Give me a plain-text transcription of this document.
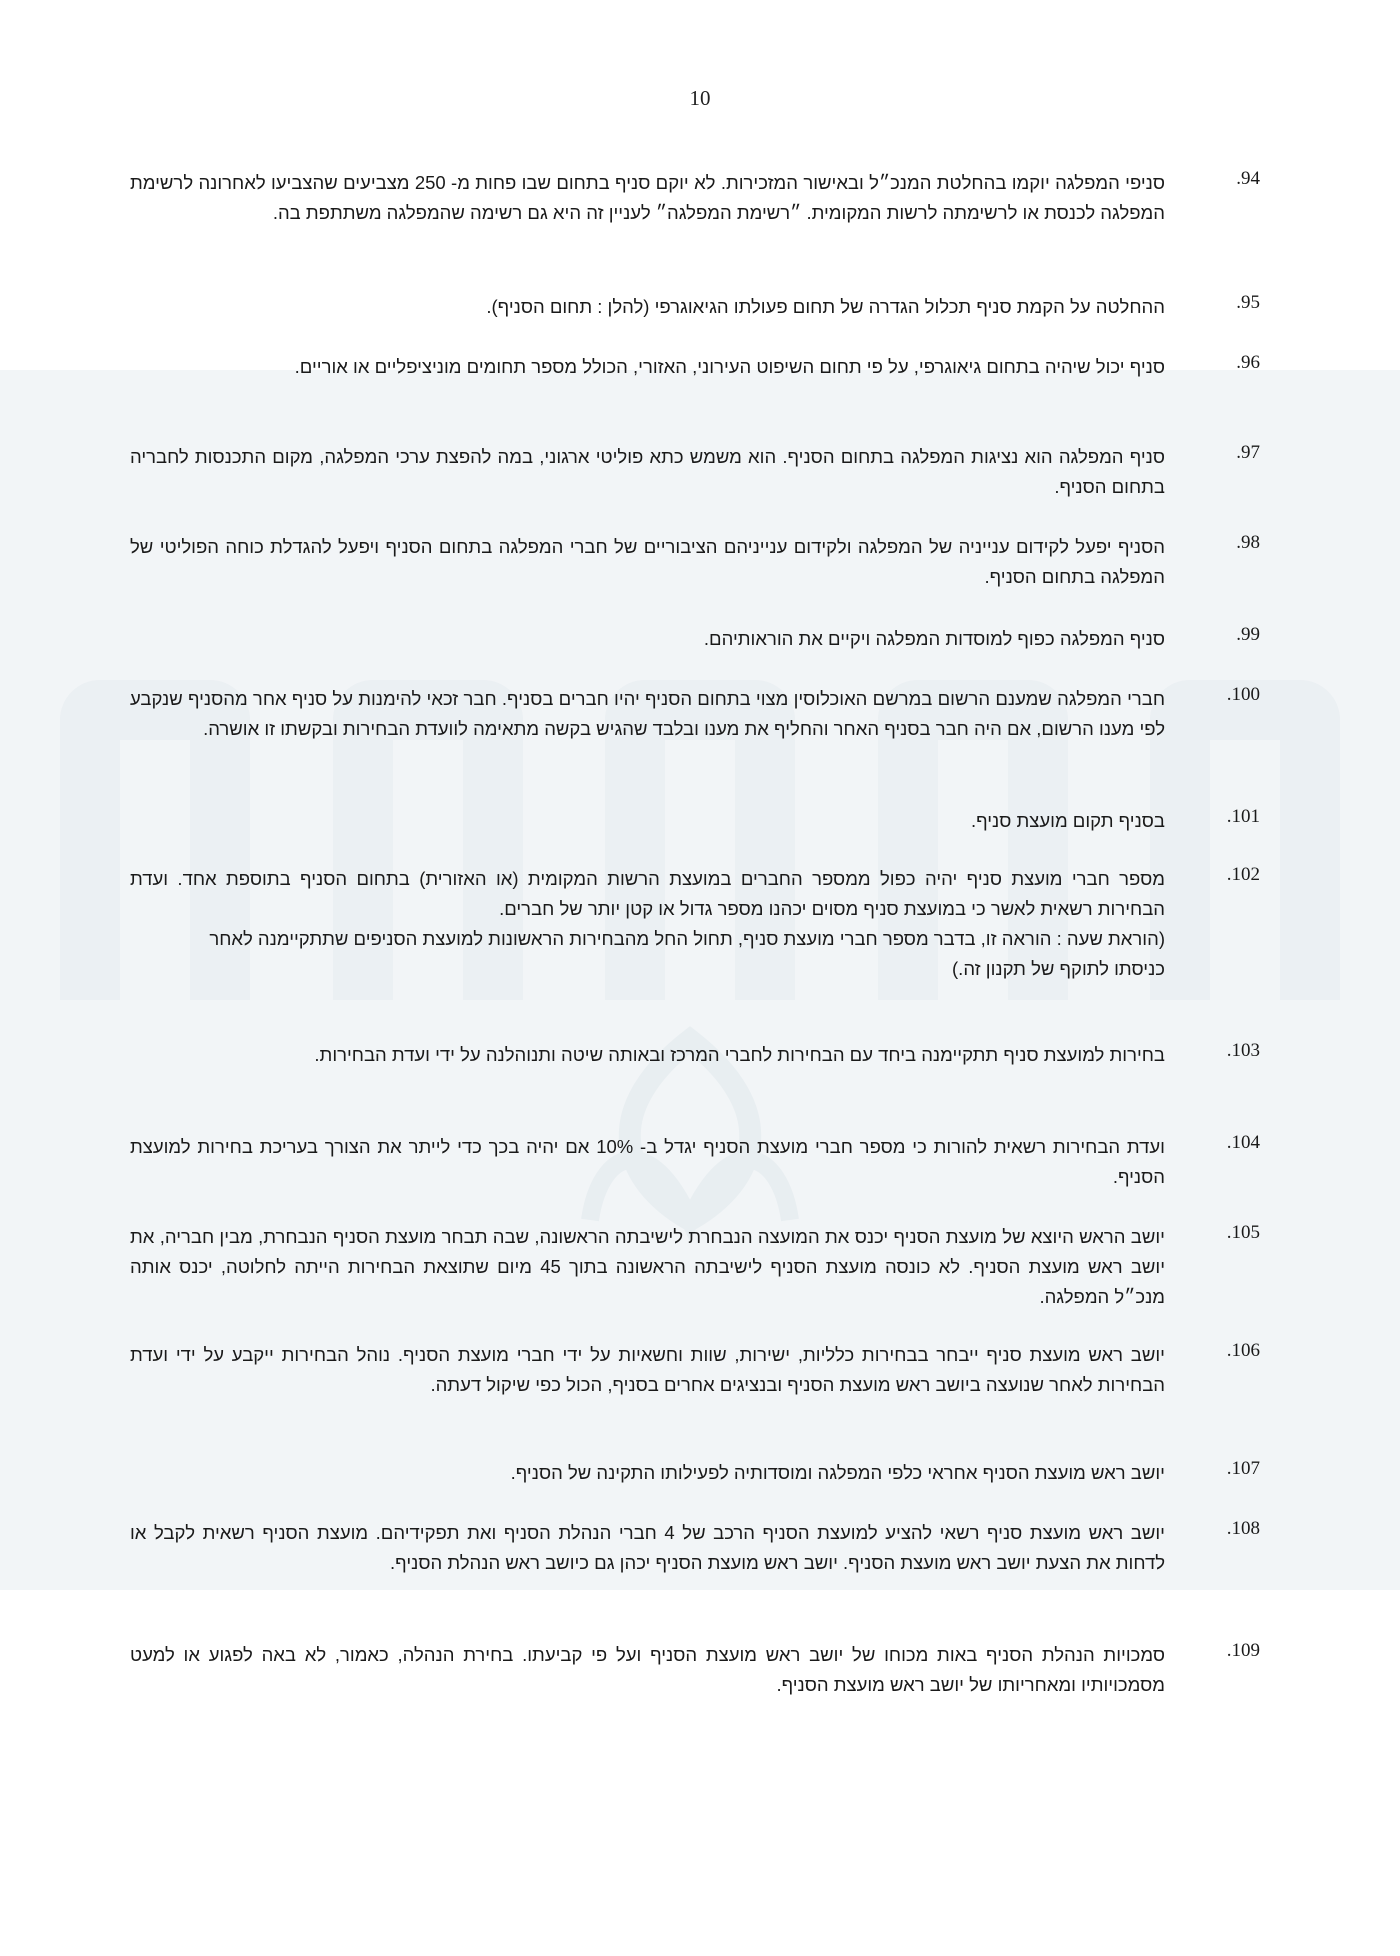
10
.94
סניפי המפלגה יוקמו בהחלטת המנכ״ל ובאישור המזכירות. לא יוקם סניף בתחום שבו פחות מ- 250 מצביעים שהצביעו לאחרונה לרשימת המפלגה לכנסת או לרשימתה לרשות המקומית. ״רשימת המפלגה״ לעניין זה היא גם רשימה שהמפלגה משתתפת בה.
.95
ההחלטה על הקמת סניף תכלול הגדרה של תחום פעולתו הגיאוגרפי (להלן : תחום הסניף).
.96
סניף יכול שיהיה בתחום גיאוגרפי, על פי תחום השיפוט העירוני, האזורי, הכולל מספר תחומים מוניציפליים או אוריים.
.97
סניף המפלגה הוא נציגות המפלגה בתחום הסניף. הוא משמש כתא פוליטי ארגוני, במה להפצת ערכי המפלגה, מקום התכנסות לחבריה בתחום הסניף.
.98
הסניף יפעל לקידום ענייניה של המפלגה ולקידום ענייניהם הציבוריים של חברי המפלגה בתחום הסניף ויפעל להגדלת כוחה הפוליטי של המפלגה בתחום הסניף.
.99
סניף המפלגה כפוף למוסדות המפלגה ויקיים את הוראותיהם.
.100
חברי המפלגה שמענם הרשום במרשם האוכלוסין מצוי בתחום הסניף יהיו חברים בסניף. חבר זכאי להימנות על סניף אחר מהסניף שנקבע לפי מענו הרשום, אם היה חבר בסניף האחר והחליף את מענו ובלבד שהגיש בקשה מתאימה לוועדת הבחירות ובקשתו זו אושרה.
.101
בסניף תקום מועצת סניף.
.102
מספר חברי מועצת סניף יהיה כפול ממספר החברים במועצת הרשות המקומית (או האזורית) בתחום הסניף בתוספת אחד. ועדת הבחירות רשאית לאשר כי במועצת סניף מסוים יכהנו מספר גדול או קטן יותר של חברים.
(הוראת שעה : הוראה זו, בדבר מספר חברי מועצת סניף, תחול החל מהבחירות הראשונות למועצת הסניפים שתתקיימנה לאחר כניסתו לתוקף של תקנון זה.)
.103
בחירות למועצת סניף תתקיימנה ביחד עם הבחירות לחברי המרכז ובאותה שיטה ותנוהלנה על ידי ועדת הבחירות.
.104
ועדת הבחירות רשאית להורות כי מספר חברי מועצת הסניף יגדל ב- 10% אם יהיה בכך כדי לייתר את הצורך בעריכת בחירות למועצת הסניף.
.105
יושב הראש היוצא של מועצת הסניף יכנס את המועצה הנבחרת לישיבתה הראשונה, שבה תבחר מועצת הסניף הנבחרת, מבין חבריה, את יושב ראש מועצת הסניף. לא כונסה מועצת הסניף לישיבתה הראשונה בתוך 45 מיום שתוצאת הבחירות הייתה לחלוטה, יכנס אותה מנכ״ל המפלגה.
.106
יושב ראש מועצת סניף ייבחר בבחירות כלליות, ישירות, שוות וחשאיות על ידי חברי מועצת הסניף. נוהל הבחירות ייקבע על ידי ועדת הבחירות לאחר שנועצה ביושב ראש מועצת הסניף ובנציגים אחרים בסניף, הכול כפי שיקול דעתה.
.107
יושב ראש מועצת הסניף אחראי כלפי המפלגה ומוסדותיה לפעילותו התקינה של הסניף.
.108
יושב ראש מועצת סניף רשאי להציע למועצת הסניף הרכב של 4 חברי הנהלת הסניף ואת תפקידיהם. מועצת הסניף רשאית לקבל או לדחות את הצעת יושב ראש מועצת הסניף. יושב ראש מועצת הסניף יכהן גם כיושב ראש הנהלת הסניף.
.109
סמכויות הנהלת הסניף באות מכוחו של יושב ראש מועצת הסניף ועל פי קביעתו. בחירת הנהלה, כאמור, לא באה לפגוע או למעט מסמכויותיו ומאחריותו של יושב ראש מועצת הסניף.
